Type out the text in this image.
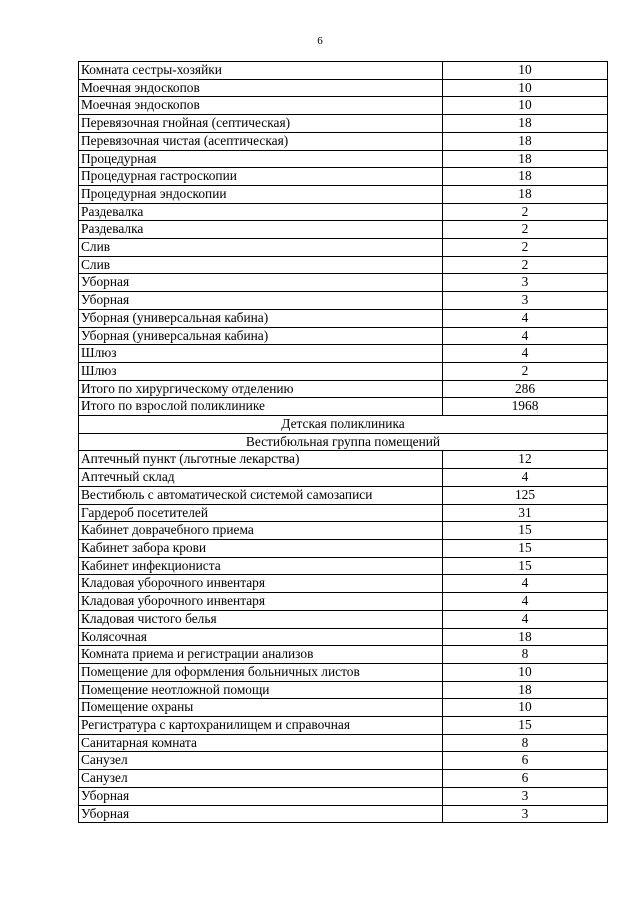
6
Комната сестры-хозяйки	10
Моечная эндоскопов	10
Моечная эндоскопов	10
Перевязочная гнойная (септическая)	18
Перевязочная чистая (асептическая)	18
Процедурная	18
Процедурная гастроскопии	18
Процедурная эндоскопии	18
Раздевалка	2
Раздевалка	2
Слив	2
Слив	2
Уборная	3
Уборная	3
Уборная (универсальная кабина)	4
Уборная (универсальная кабина)	4
Шлюз	4
Шлюз	2
Итого по хирургическому отделению	286
Итого по взрослой поликлинике	1968
Детская поликлиника	
Вестибюльная группа помещений	
Аптечный пункт (льготные лекарства)	12
Аптечный склад	4
Вестибюль с автоматической системой самозаписи	125
Гардероб посетителей	31
Кабинет доврачебного приема	15
Кабинет забора крови	15
Кабинет инфекциониста	15
Кладовая уборочного инвентаря	4
Кладовая уборочного инвентаря	4
Кладовая чистого белья	4
Колясочная	18
Комната приема и регистрации анализов	8
Помещение для оформления больничных листов	10
Помещение неотложной помощи	18
Помещение охраны	10
Регистратура с картохранилищем и справочная	15
Санитарная комната	8
Санузел	6
Санузел	6
Уборная	3
Уборная	3
